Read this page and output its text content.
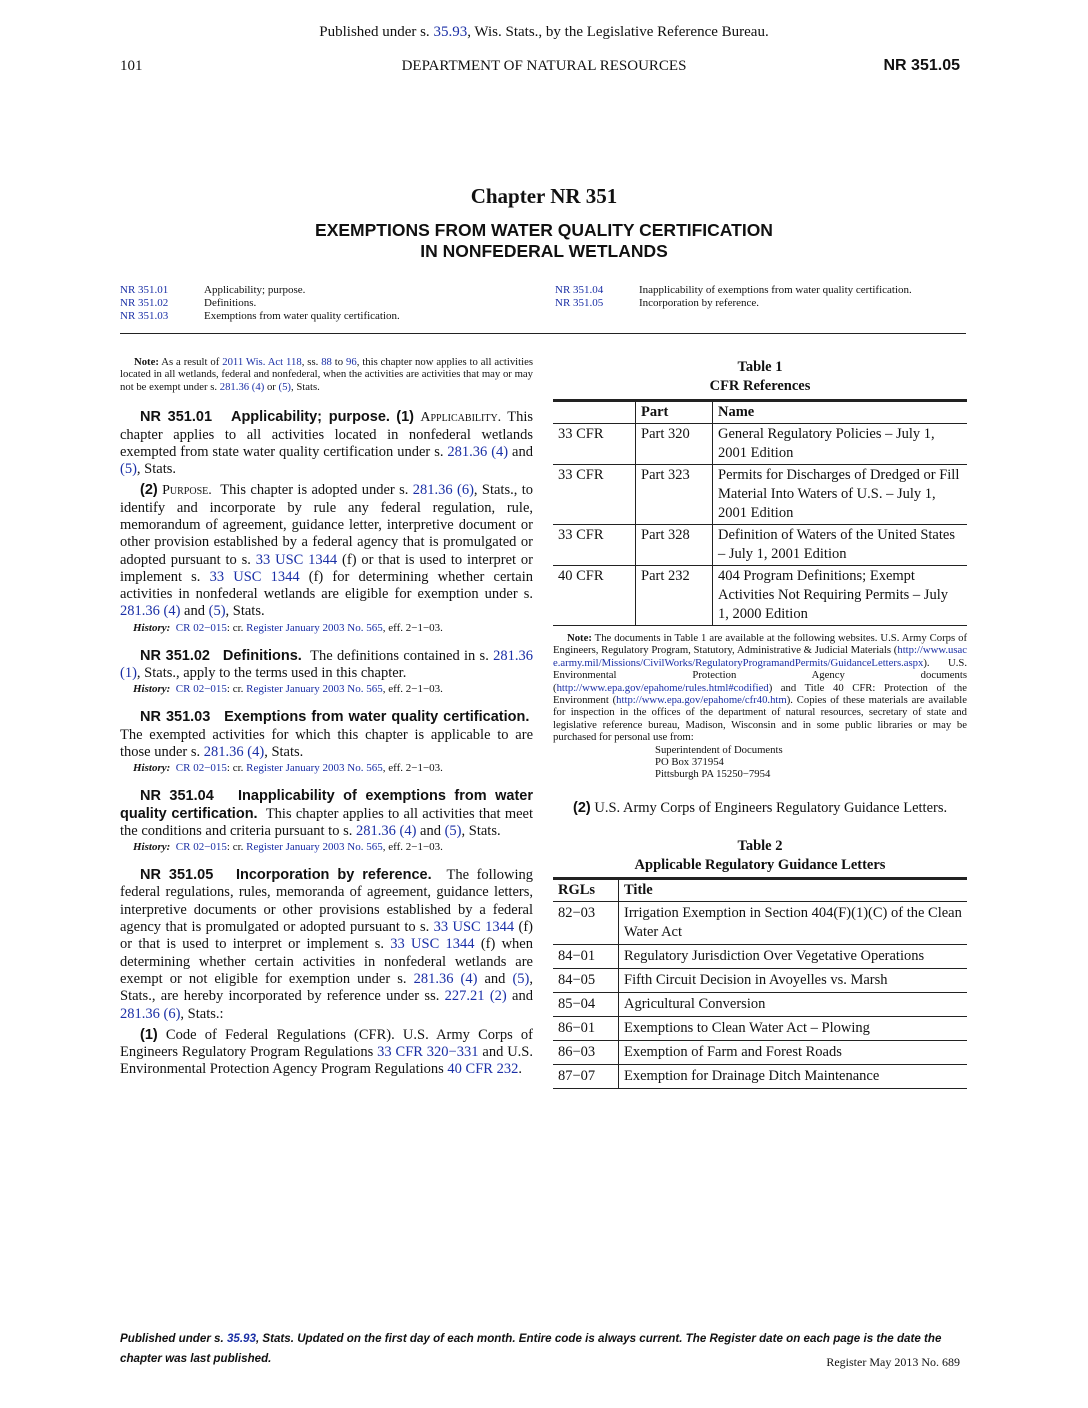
Published under s. 35.93, Wis. Stats., by the Legislative Reference Bureau.
101	DEPARTMENT OF NATURAL RESOURCES	NR 351.05
Chapter NR 351
EXEMPTIONS FROM WATER QUALITY CERTIFICATION
IN NONFEDERAL WETLANDS
NR 351.01	Applicability; purpose.
NR 351.02	Definitions.
NR 351.03	Exemptions from water quality certification.
NR 351.04	Inapplicability of exemptions from water quality certification.
NR 351.05	Incorporation by reference.
Note: As a result of 2011 Wis. Act 118, ss. 88 to 96, this chapter now applies to all activities located in all wetlands, federal and nonfederal, when the activities are activities that may or may not be exempt under s. 281.36 (4) or (5), Stats.

NR 351.01 Applicability; purpose. (1) Applicability. This chapter applies to all activities located in nonfederal wetlands exempted from state water quality certification under s. 281.36 (4) and (5), Stats.

(2) Purpose. This chapter is adopted under s. 281.36 (6), Stats., to identify and incorporate by rule any federal regulation, rule, memorandum of agreement, guidance letter, interpretive document or other provision established by a federal agency that is promulgated or adopted pursuant to s. 33 USC 1344 (f) or that is used to interpret or implement s. 33 USC 1344 (f) for determining whether certain activities in nonfederal wetlands are eligible for exemption under s. 281.36 (4) and (5), Stats.

History: CR 02−015: cr. Register January 2003 No. 565, eff. 2−1−03.

NR 351.02 Definitions. The definitions contained in s. 281.36 (1), Stats., apply to the terms used in this chapter.

History: CR 02−015: cr. Register January 2003 No. 565, eff. 2−1−03.

NR 351.03 Exemptions from water quality certification.  The exempted activities for which this chapter is applicable to are those under s. 281.36 (4), Stats.

History: CR 02−015: cr. Register January 2003 No. 565, eff. 2−1−03.

NR 351.04 Inapplicability of exemptions from water quality certification. This chapter applies to all activities that meet the conditions and criteria pursuant to s. 281.36 (4) and (5), Stats.

History: CR 02−015: cr. Register January 2003 No. 565, eff. 2−1−03.

NR 351.05 Incorporation by reference. The following federal regulations, rules, memoranda of agreement, guidance letters, interpretive documents or other provisions established by a federal agency that is promulgated or adopted pursuant to s. 33 USC 1344 (f) or that is used to interpret or implement s. 33 USC 1344 (f) when determining whether certain activities in nonfederal wetlands are exempt or not eligible for exemption under s. 281.36 (4) and (5), Stats., are hereby incorporated by reference under ss. 227.21 (2) and 281.36 (6), Stats.:

(1) Code of Federal Regulations (CFR). U.S. Army Corps of Engineers Regulatory Program Regulations 33 CFR 320−331 and U.S. Environmental Protection Agency Program Regulations 40 CFR 232.

Table 1
CFR References
	Part	Name
33 CFR	Part 320	General Regulatory Policies – July 1, 2001 Edition
33 CFR	Part 323	Permits for Discharges of Dredged or Fill Material Into Waters of U.S. – July 1, 2001 Edition
33 CFR	Part 328	Definition of Waters of the United States – July 1, 2001 Edition
40 CFR	Part 232	404 Program Definitions; Exempt Activities Not Requiring Permits – July 1, 2000 Edition
Note: The documents in Table 1 are available at the following websites. U.S. Army Corps of Engineers, Regulatory Program, Statutory, Administrative & Judicial Materials (http://www.usace.army.mil/Missions/CivilWorks/RegulatoryProgramandPermits/GuidanceLetters.aspx). U.S. Environmental Protection Agency documents (http://www.epa.gov/epahome/rules.html#codified) and Title 40 CFR: Protection of the Environment (http://www.epa.gov/epahome/cfr40.htm). Copies of these materials are available for inspection in the offices of the department of natural resources, secretary of state and legislative reference bureau, Madison, Wisconsin and in some public libraries or may be purchased for personal use from:
Superintendent of Documents
PO Box 371954
Pittsburgh PA 15250−7954

(2) U.S. Army Corps of Engineers Regulatory Guidance Letters.

Table 2
Applicable Regulatory Guidance Letters
RGLs	Title
82−03	Irrigation Exemption in Section 404(F)(1)(C) of the Clean Water Act
84−01	Regulatory Jurisdiction Over Vegetative Operations
84−05	Fifth Circuit Decision in Avoyelles vs. Marsh
85−04	Agricultural Conversion
86−01	Exemptions to Clean Water Act – Plowing
86−03	Exemption of Farm and Forest Roads
87−07	Exemption for Drainage Ditch Maintenance
Published under s. 35.93, Stats. Updated on the first day of each month. Entire code is always current. The Register date on each page is the date the chapter was last published.	Register May 2013 No. 689
